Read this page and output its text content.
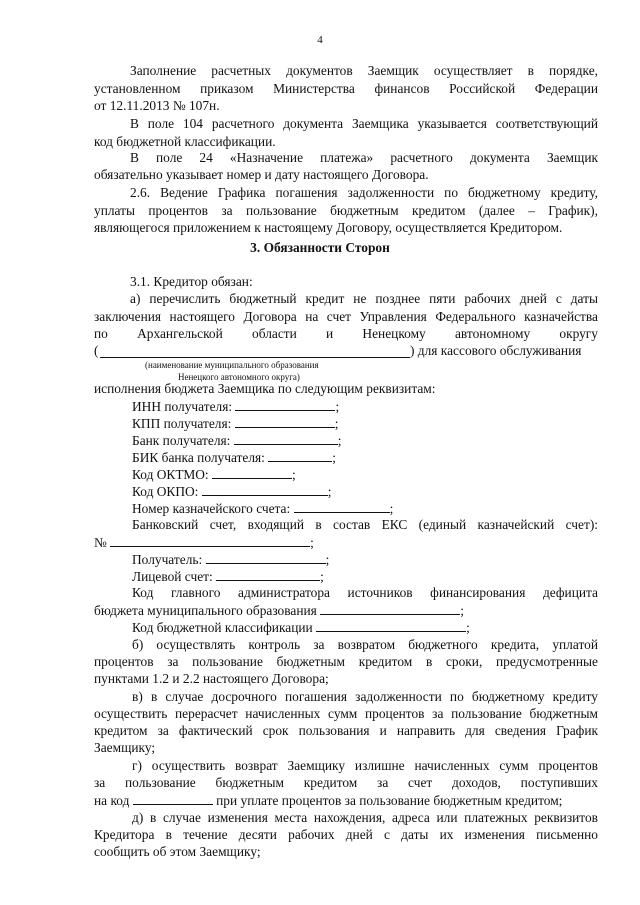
4
Заполнение расчетных документов Заемщик осуществляет в порядке,
установленном приказом Министерства финансов Российской Федерации
от 12.11.2013 № 107н.
В поле 104 расчетного документа Заемщика указывается соответствующий
код бюджетной классификации.
В поле 24 «Назначение платежа» расчетного документа Заемщик
обязательно указывает номер и дату настоящего Договора.
2.6. Ведение Графика погашения задолженности по бюджетному кредиту,
уплаты процентов за пользование бюджетным кредитом (далее – График),
являющегося приложением к настоящему Договору, осуществляется Кредитором.
3. Обязанности Сторон
3.1. Кредитор обязан:
а) перечислить бюджетный кредит не позднее пяти рабочих дней с даты
заключения настоящего Договора на счет Управления Федерального казначейства
по Архангельской области и Ненецкому автономному округу
(	) для кассового обслуживания
(наименование муниципального образования
Ненецкого автономного округа)
исполнения бюджета Заемщика по следующим реквизитам:
ИНН получателя:	;
КПП получателя:	;
Банк получателя:	;
БИК банка получателя:	;
Код ОКТМО:	;
Код ОКПО:	;
Номер казначейского счета:	;
Банковский счет, входящий в состав ЕКС (единый казначейский счет):
№	;
Получатель:	;
Лицевой счет:	;
Код главного администратора источников финансирования дефицита
бюджета муниципального образования	;
Код бюджетной классификации	;
б) осуществлять контроль за возвратом бюджетного кредита, уплатой
процентов за пользование бюджетным кредитом в сроки, предусмотренные
пунктами 1.2 и 2.2 настоящего Договора;
в) в случае досрочного погашения задолженности по бюджетному кредиту
осуществить перерасчет начисленных сумм процентов за пользование бюджетным
кредитом за фактический срок пользования и направить для сведения График
Заемщику;
г) осуществить возврат Заемщику излишне начисленных сумм процентов
за пользование бюджетным кредитом за счет доходов, поступивших
на код	при уплате процентов за пользование бюджетным кредитом;
д) в случае изменения места нахождения, адреса или платежных реквизитов
Кредитора в течение десяти рабочих дней с даты их изменения письменно
сообщить об этом Заемщику;
